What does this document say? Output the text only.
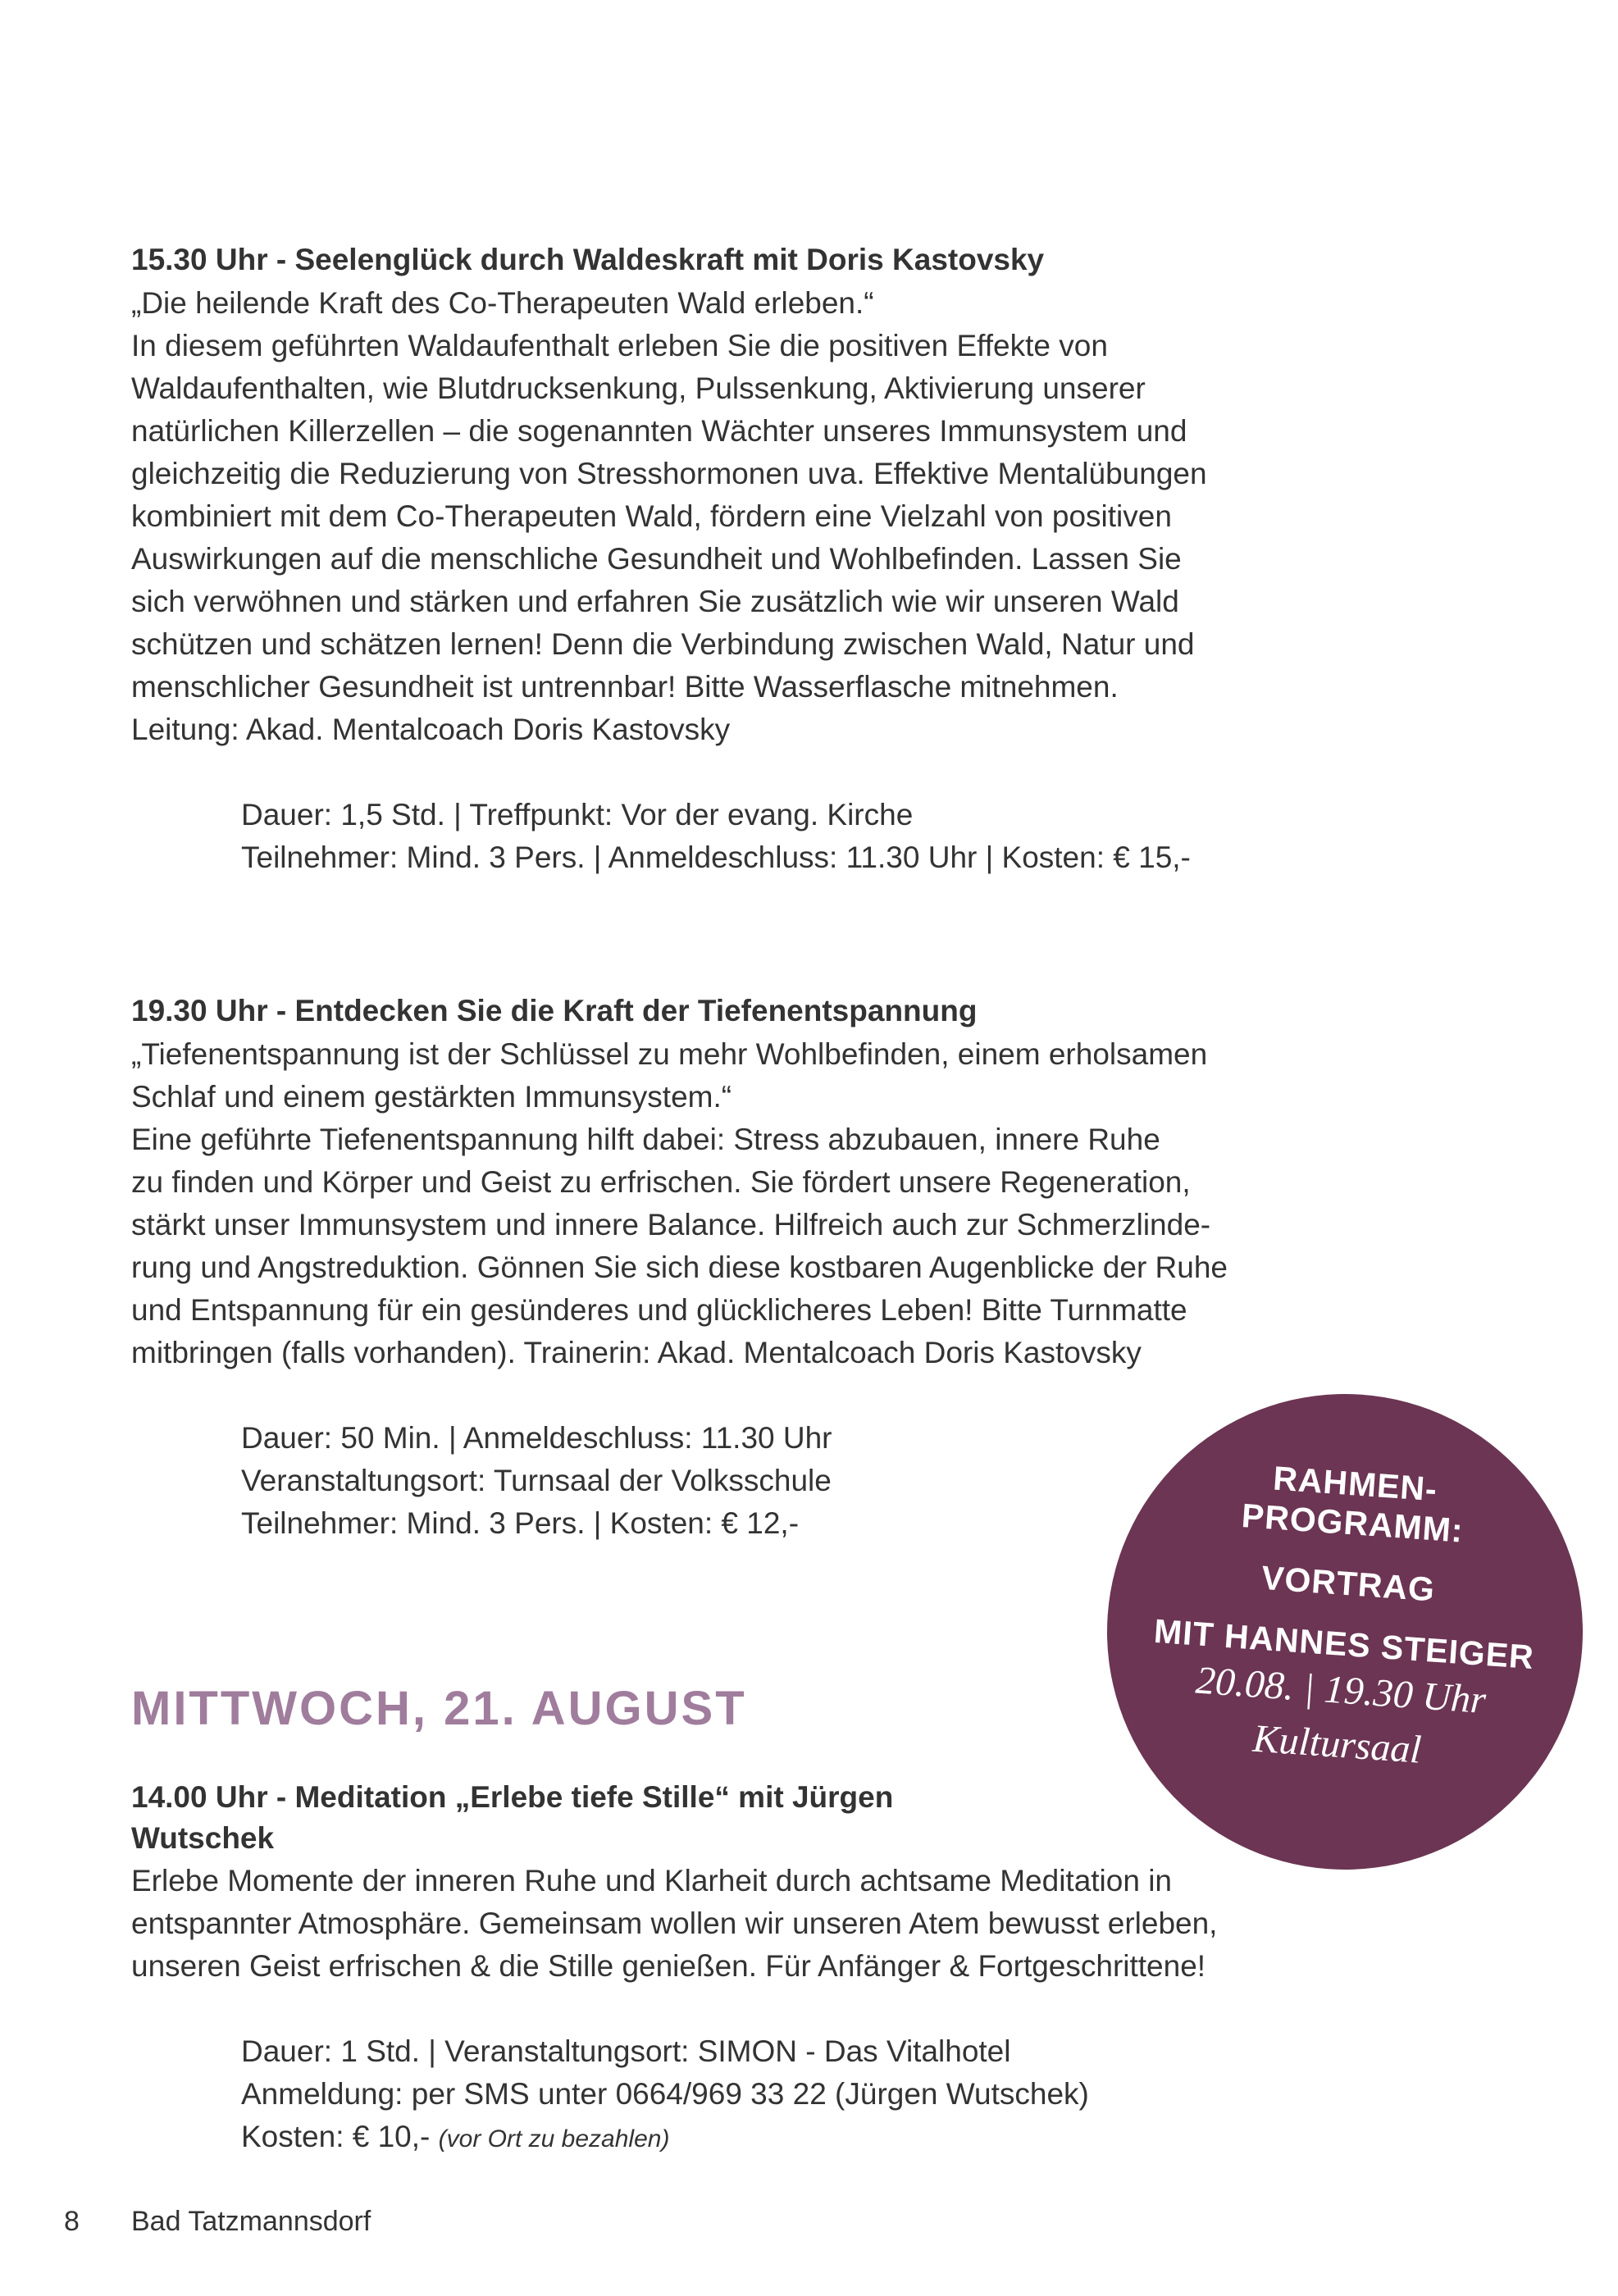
15.30 Uhr - Seelenglück durch Waldeskraft mit Doris Kastovsky

„Die heilende Kraft des Co-Therapeuten Wald erleben.“

In diesem geführten Waldaufenthalt erleben Sie die positiven Effekte von

Waldaufenthalten, wie Blutdrucksenkung, Pulssenkung, Aktivierung unserer

natürlichen Killerzellen – die sogenannten Wächter unseres Immunsystem und

gleichzeitig die Reduzierung von Stresshormonen uva. Effektive Mentalübungen

kombiniert mit dem Co-Therapeuten Wald, fördern eine Vielzahl von positiven

Auswirkungen auf die menschliche Gesundheit und Wohlbefinden. Lassen Sie

sich verwöhnen und stärken und erfahren Sie zusätzlich wie wir unseren Wald

schützen und schätzen lernen! Denn die Verbindung zwischen Wald, Natur und

menschlicher Gesundheit ist untrennbar! Bitte Wasserflasche mitnehmen.

Leitung: Akad. Mentalcoach Doris Kastovsky

Dauer: 1,5 Std. | Treffpunkt: Vor der evang. Kirche

Teilnehmer: Mind. 3 Pers. | Anmeldeschluss: 11.30 Uhr | Kosten: € 15,-

19.30 Uhr - Entdecken Sie die Kraft der Tiefenentspannung

„Tiefenentspannung ist der Schlüssel zu mehr Wohlbefinden, einem erholsamen

Schlaf und einem gestärkten Immunsystem.“

Eine geführte Tiefenentspannung hilft dabei: Stress abzubauen, innere Ruhe

zu finden und Körper und Geist zu erfrischen. Sie fördert unsere Regeneration,

stärkt unser Immunsystem und innere Balance. Hilfreich auch zur Schmerzlinde-

rung und Angstreduktion. Gönnen Sie sich diese kostbaren Augenblicke der Ruhe

und Entspannung für ein gesünderes und glücklicheres Leben! Bitte Turnmatte

mitbringen (falls vorhanden). Trainerin: Akad. Mentalcoach Doris Kastovsky

Dauer: 50 Min. | Anmeldeschluss: 11.30 Uhr

Veranstaltungsort: Turnsaal der Volksschule

Teilnehmer: Mind. 3 Pers. | Kosten: € 12,-

MITTWOCH, 21. AUGUST
14.00 Uhr - Meditation „Erlebe tiefe Stille“ mit Jürgen
Wutschek

Erlebe Momente der inneren Ruhe und Klarheit durch achtsame Meditation in

entspannter Atmosphäre. Gemeinsam wollen wir unseren Atem bewusst erleben,

unseren Geist erfrischen & die Stille genießen. Für Anfänger & Fortgeschrittene!

Dauer: 1 Std. | Veranstaltungsort: SIMON - Das Vitalhotel

Anmeldung: per SMS unter 0664/969 33 22 (Jürgen Wutschek)

Kosten: € 10,- (vor Ort zu bezahlen)

RAHMEN-

PROGRAMM:

VORTRAG

MIT HANNES STEIGER

20.08. | 19.30 Uhr

Kultursaal

8 Bad Tatzmannsdorf
